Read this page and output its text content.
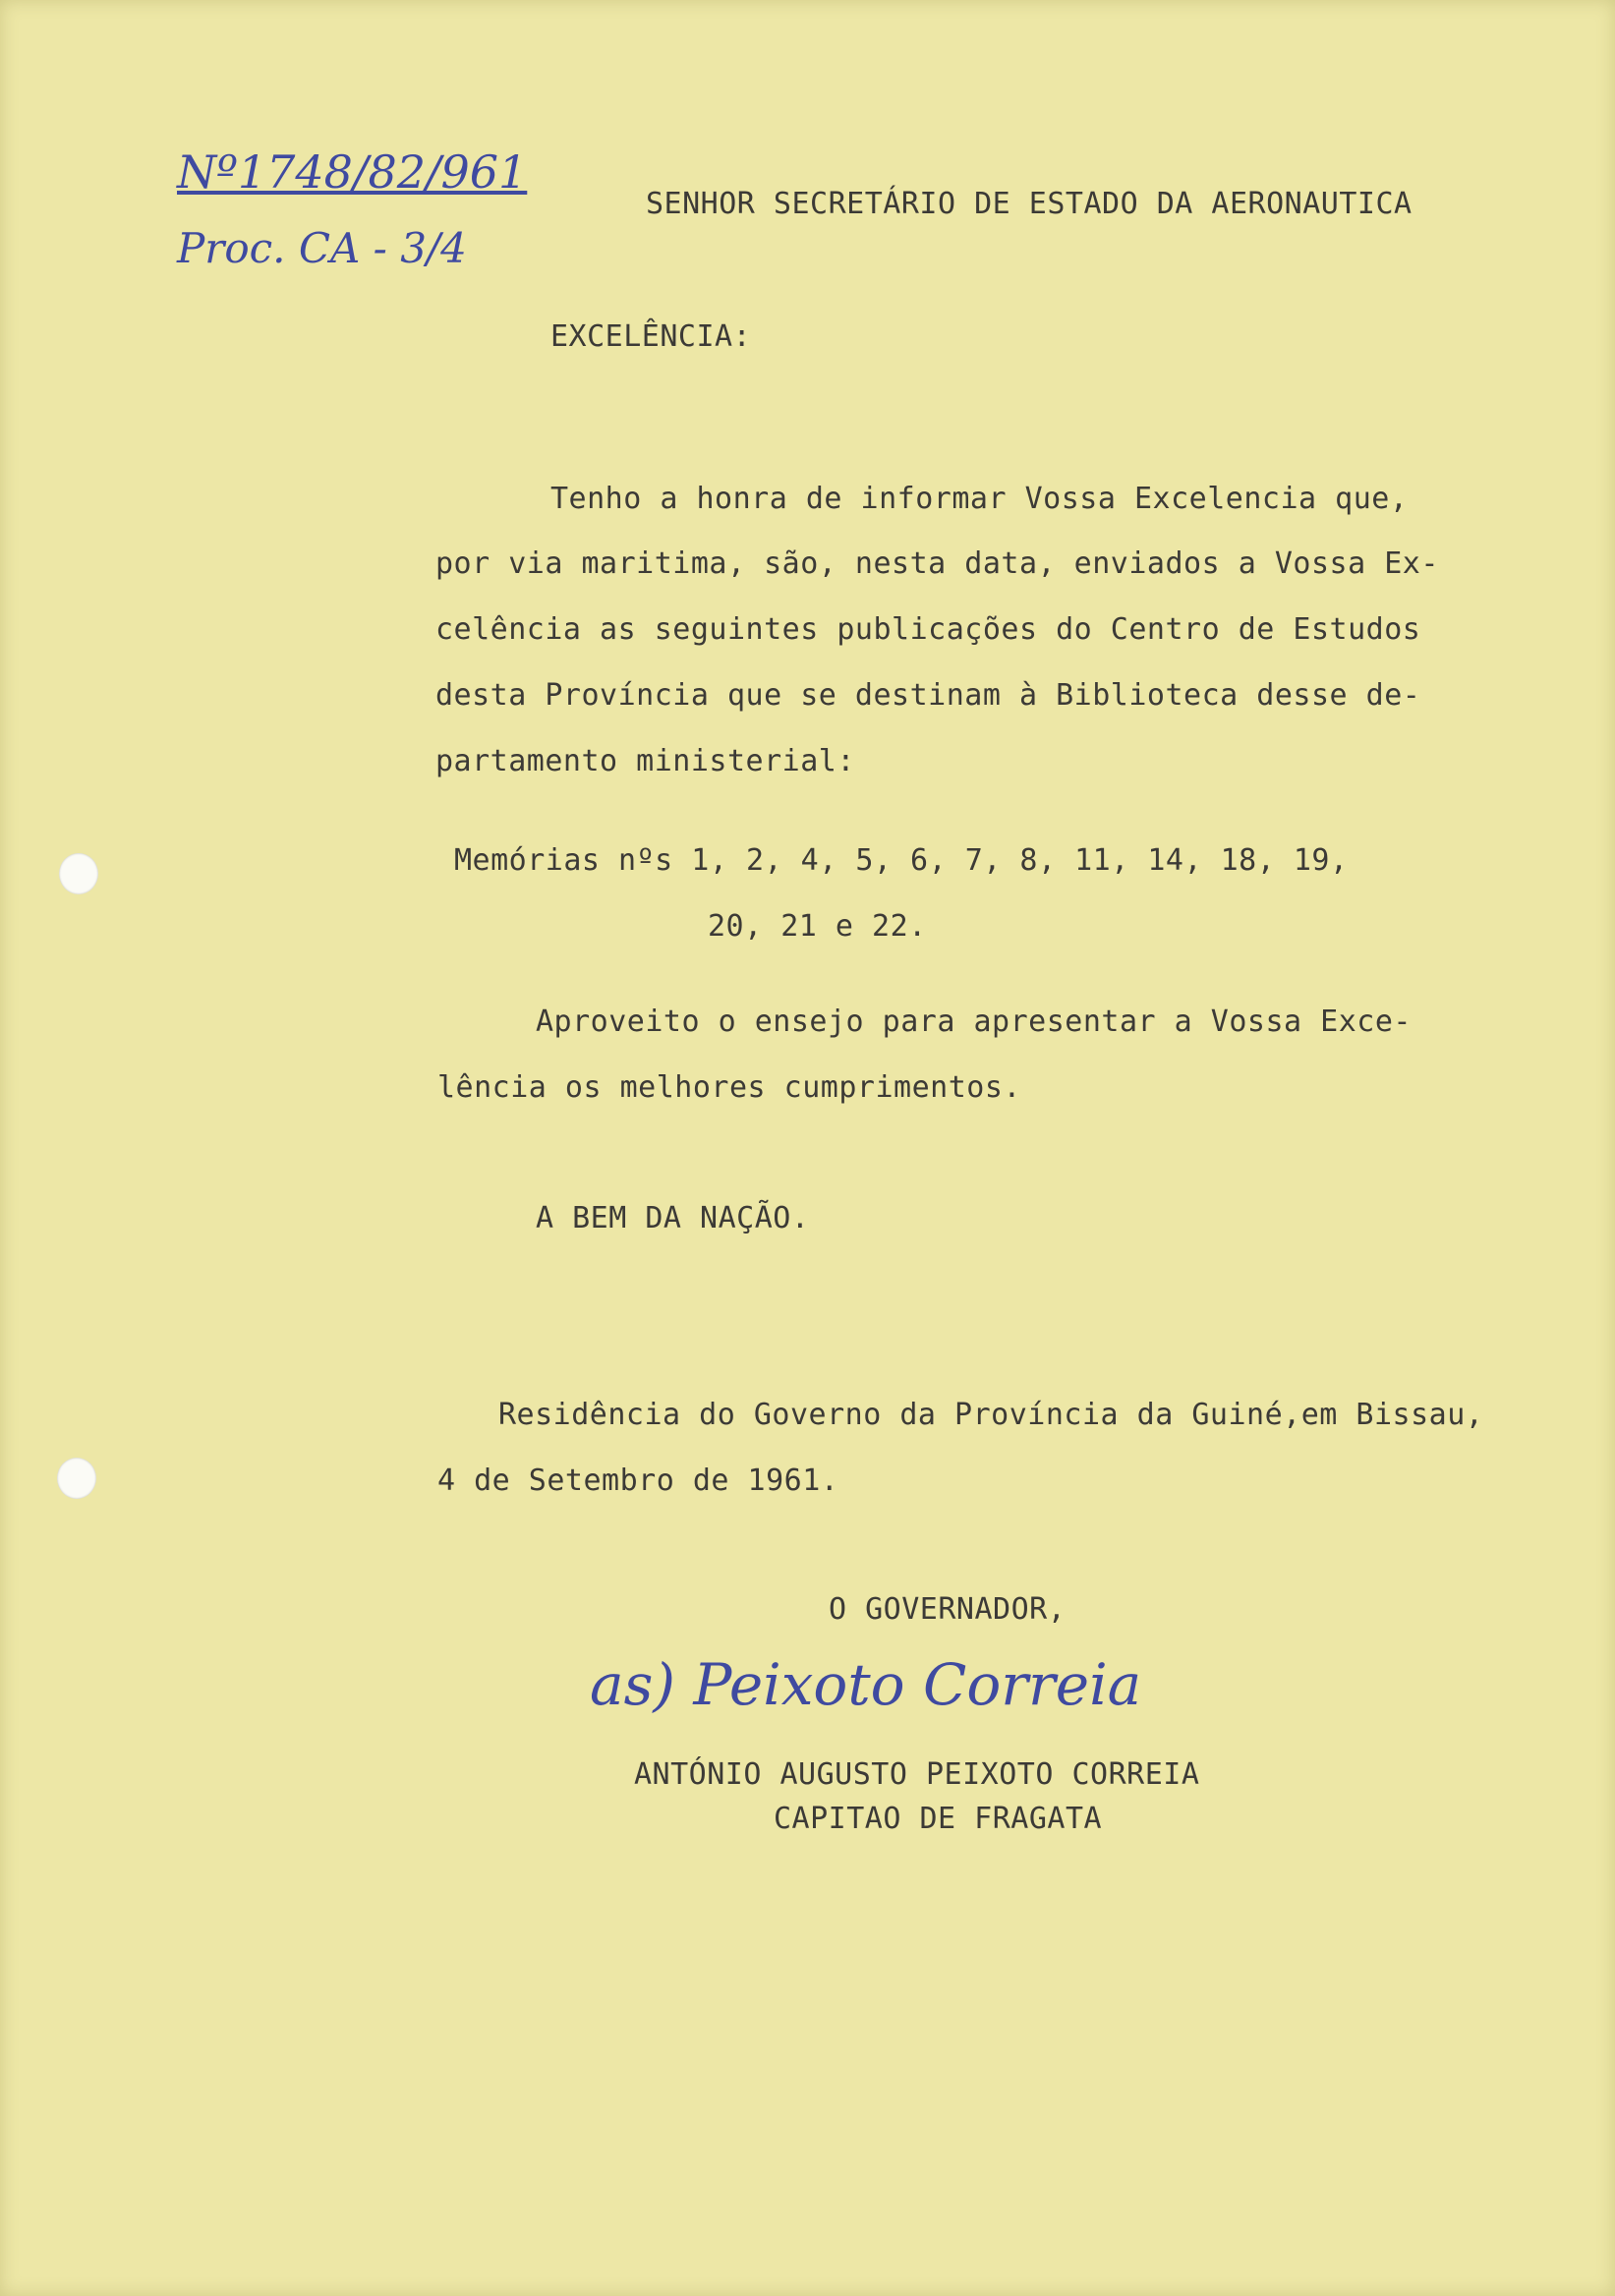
Nº1748/82/961
Proc. CA - 3/4
SENHOR SECRETÁRIO DE ESTADO DA AERONAUTICA
EXCELÊNCIA:
Tenho a honra de informar Vossa Excelencia que,
por via maritima, são, nesta data, enviados a Vossa Ex-
celência as seguintes publicações do Centro de Estudos
desta Província que se destinam à Biblioteca desse de-
partamento ministerial:
Memórias nºs 1, 2, 4, 5, 6, 7, 8, 11, 14, 18, 19,
20, 21 e 22.
Aproveito o ensejo para apresentar a Vossa Exce-
lência os melhores cumprimentos.
A BEM DA NAÇÃO.
Residência do Governo da Província da Guiné,em Bissau,
4 de Setembro de 1961.
O GOVERNADOR,
as) Peixoto Correia
ANTÓNIO AUGUSTO PEIXOTO CORREIA
CAPITAO DE FRAGATA
